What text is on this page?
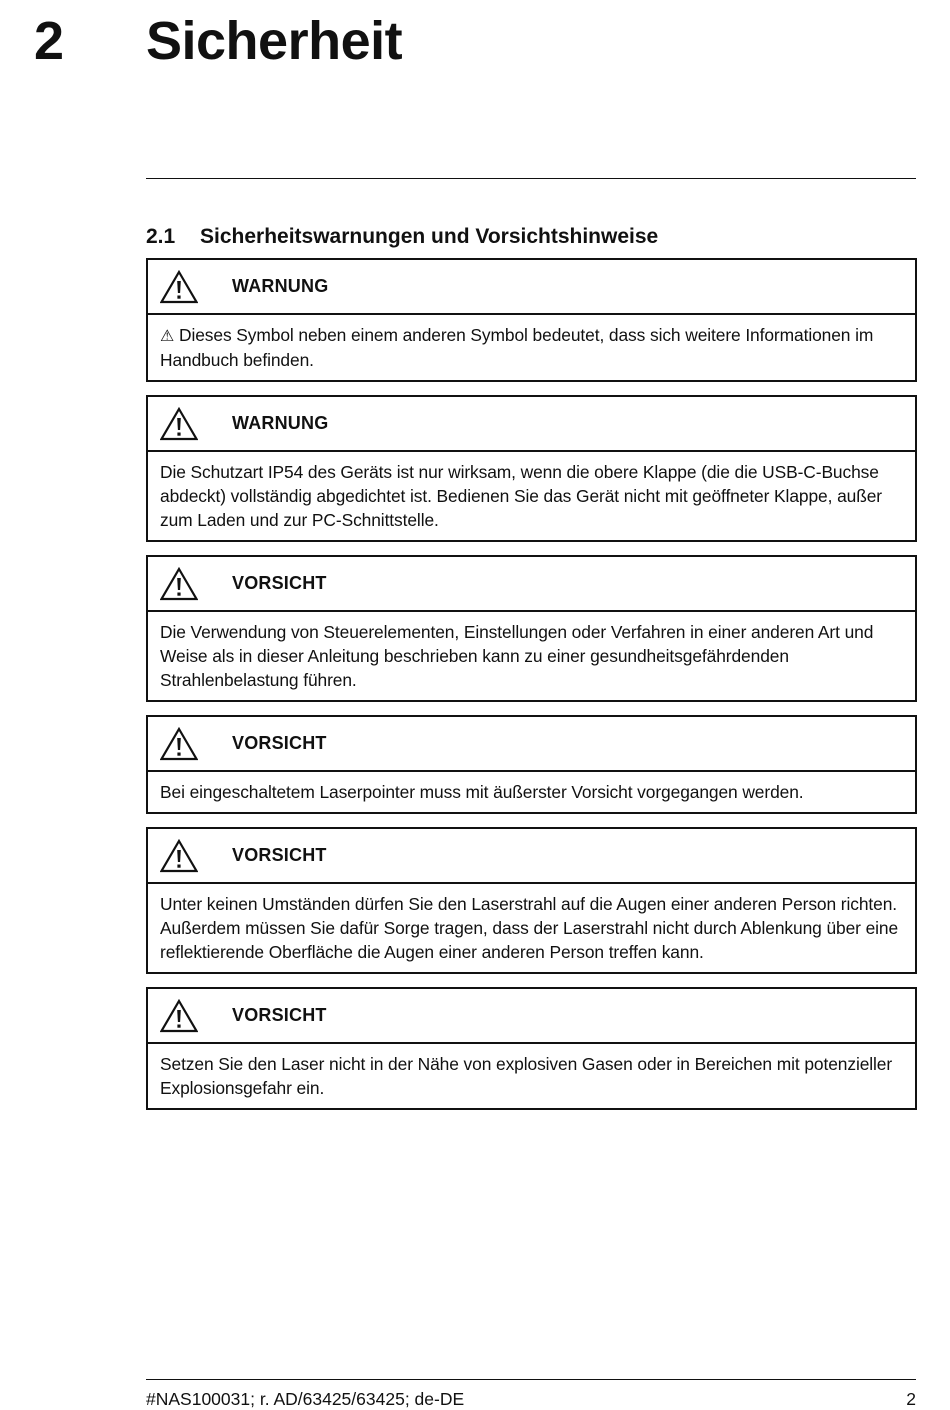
2 Sicherheit
2.1 Sicherheitswarnungen und Vorsichtshinweise
WARNUNG
⚠ Dieses Symbol neben einem anderen Symbol bedeutet, dass sich weitere Informationen im Handbuch befinden.
WARNUNG
Die Schutzart IP54 des Geräts ist nur wirksam, wenn die obere Klappe (die die USB-C-Buchse abdeckt) vollständig abgedichtet ist. Bedienen Sie das Gerät nicht mit geöffneter Klappe, außer zum Laden und zur PC-Schnittstelle.
VORSICHT
Die Verwendung von Steuerelementen, Einstellungen oder Verfahren in einer anderen Art und Weise als in dieser Anleitung beschrieben kann zu einer gesundheitsgefährdenden Strahlenbelastung führen.
VORSICHT
Bei eingeschaltetem Laserpointer muss mit äußerster Vorsicht vorgegangen werden.
VORSICHT
Unter keinen Umständen dürfen Sie den Laserstrahl auf die Augen einer anderen Person richten. Außerdem müssen Sie dafür Sorge tragen, dass der Laserstrahl nicht durch Ablenkung über eine reflektierende Oberfläche die Augen einer anderen Person treffen kann.
VORSICHT
Setzen Sie den Laser nicht in der Nähe von explosiven Gasen oder in Bereichen mit potenzieller Explosionsgefahr ein.
#NAS100031; r. AD/63425/63425; de-DE	2
